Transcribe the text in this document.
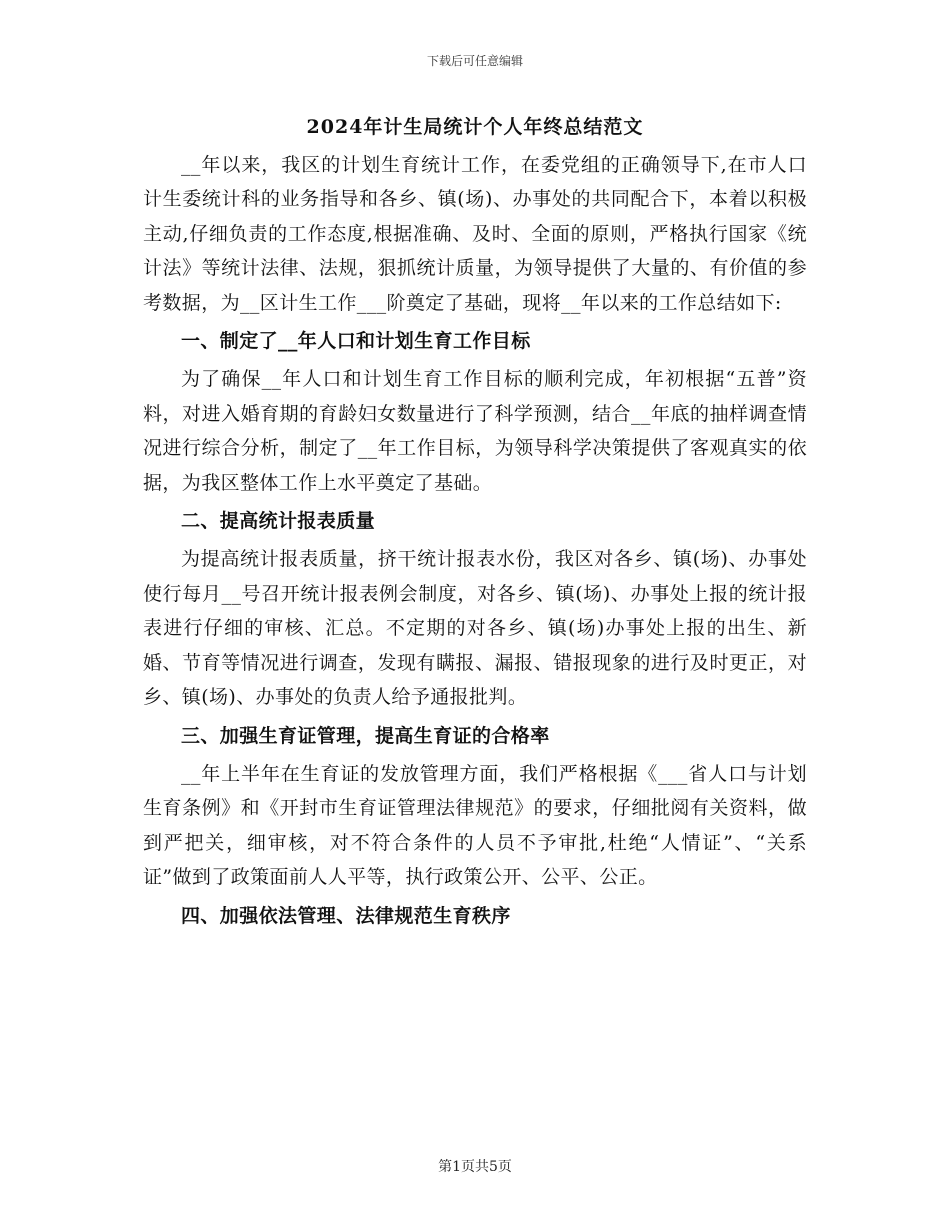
下载后可任意编辑
2024年计生局统计个人年终总结范文

__年以来，我区的计划生育统计工作，在委党组的正确领导下,在市人口计生委统计科的业务指导和各乡、镇(场)、办事处的共同配合下，本着以积极主动,仔细负责的工作态度,根据准确、及时、全面的原则，严格执行国家《统计法》等统计法律、法规，狠抓统计质量，为领导提供了大量的、有价值的参考数据，为__区计生工作___阶奠定了基础，现将__年以来的工作总结如下:

一、制定了__年人口和计划生育工作目标

为了确保__年人口和计划生育工作目标的顺利完成，年初根据“五普”资料，对进入婚育期的育龄妇女数量进行了科学预测，结合__年底的抽样调查情况进行综合分析，制定了__年工作目标，为领导科学决策提供了客观真实的依据，为我区整体工作上水平奠定了基础。

二、提高统计报表质量

为提高统计报表质量，挤干统计报表水份，我区对各乡、镇(场)、办事处使行每月__号召开统计报表例会制度，对各乡、镇(场)、办事处上报的统计报表进行仔细的审核、汇总。不定期的对各乡、镇(场)办事处上报的出生、新婚、节育等情况进行调查，发现有瞒报、漏报、错报现象的进行及时更正，对乡、镇(场)、办事处的负责人给予通报批判。

三、加强生育证管理，提高生育证的合格率

__年上半年在生育证的发放管理方面，我们严格根据《___省人口与计划生育条例》和《开封市生育证管理法律规范》的要求，仔细批阅有关资料，做到严把关，细审核，对不符合条件的人员不予审批,杜绝“人情证”、“关系证”做到了政策面前人人平等，执行政策公开、公平、公正。

四、加强依法管理、法律规范生育秩序

第1页共5页
